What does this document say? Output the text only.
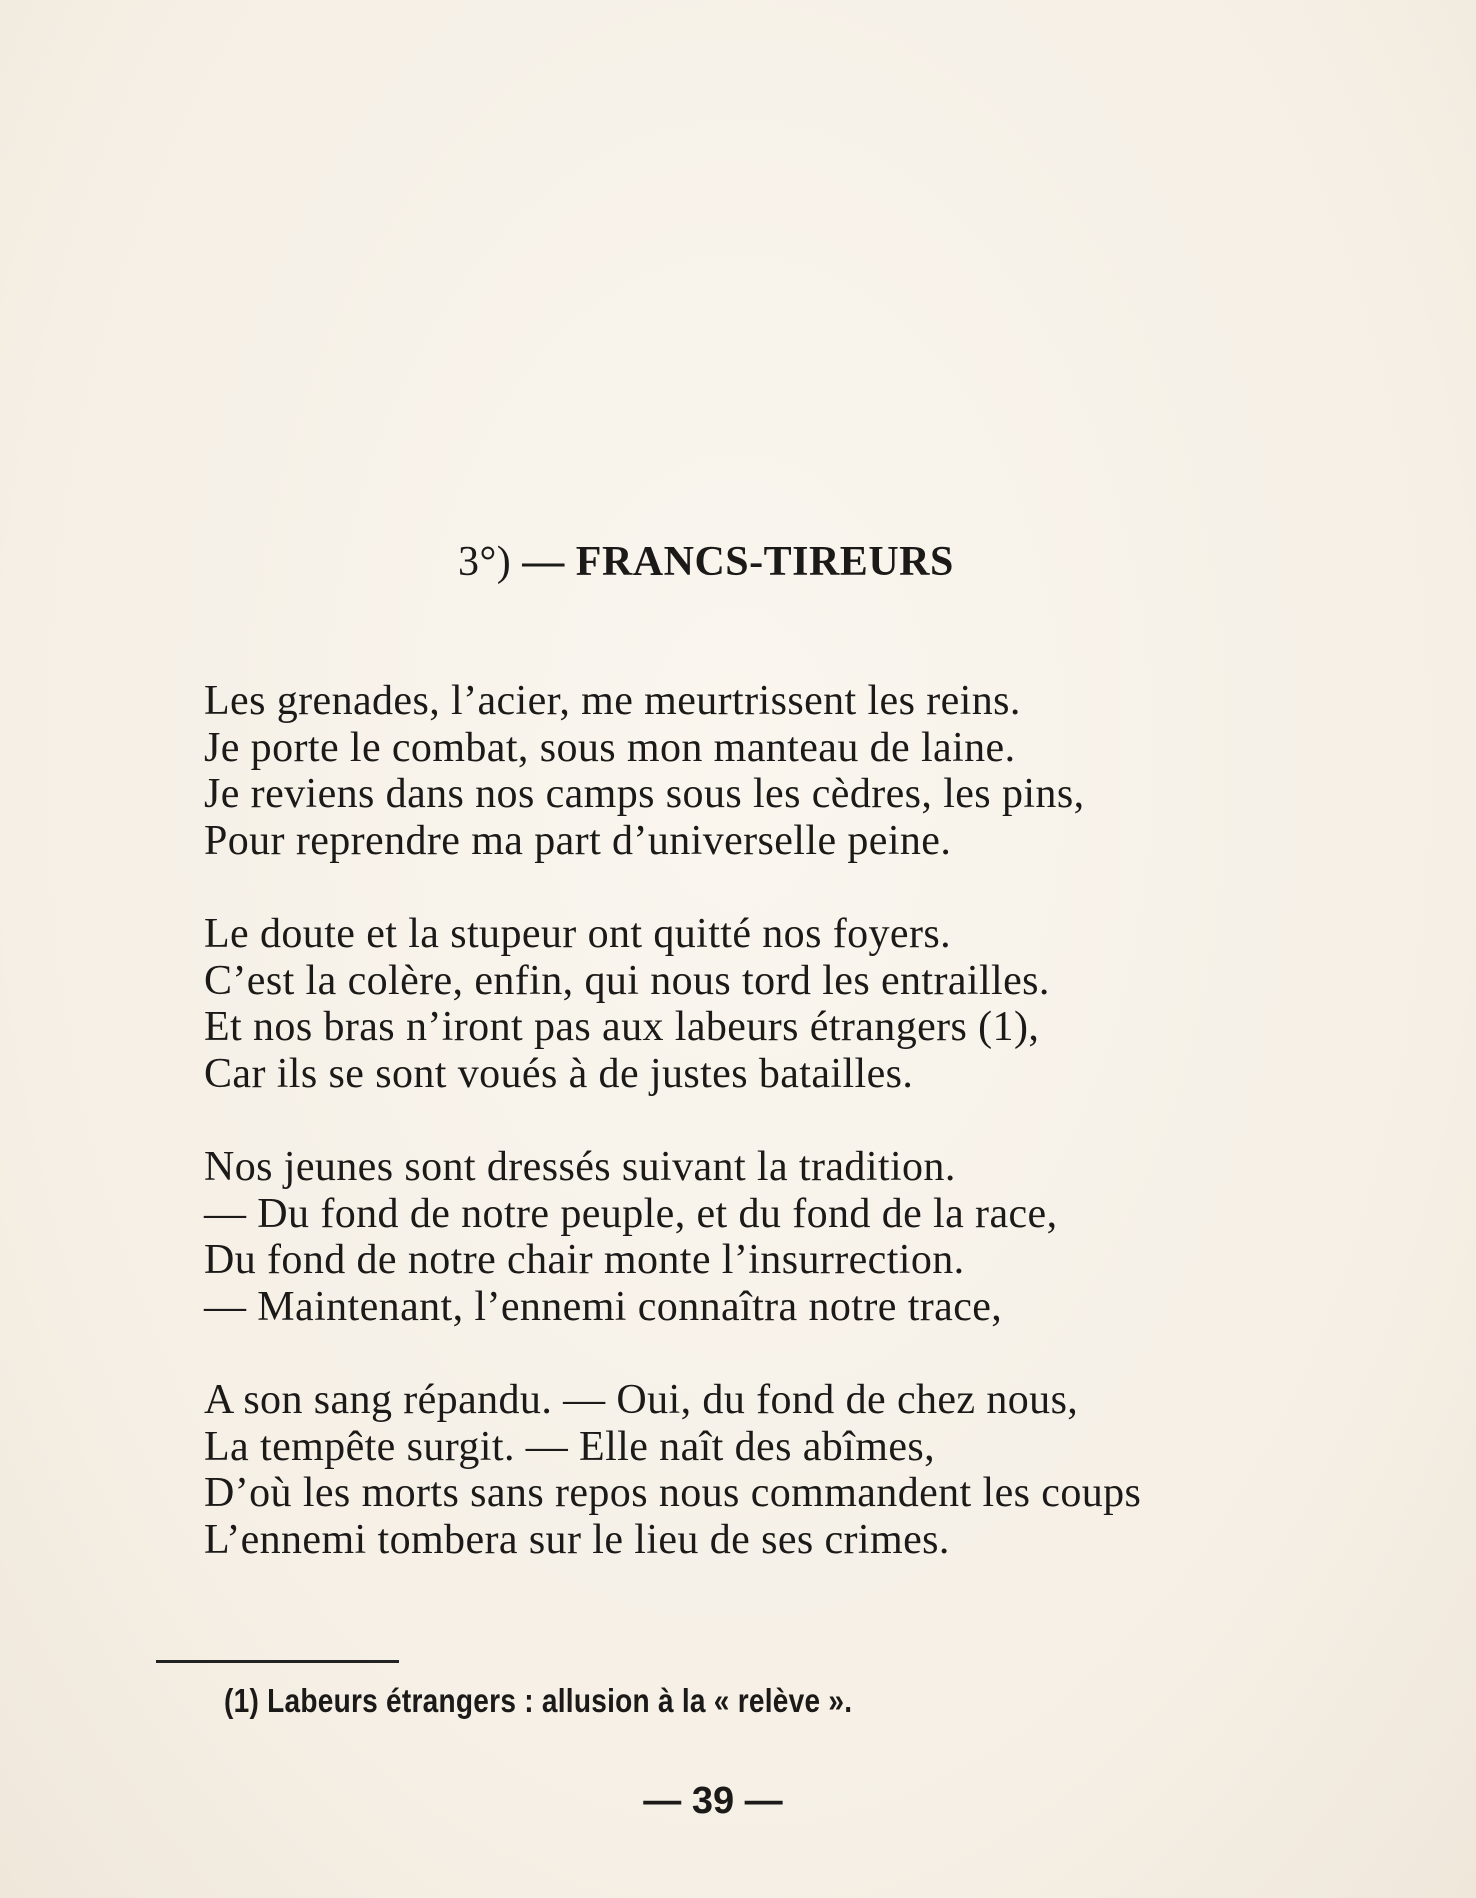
3°) — FRANCS-TIREURS
Les grenades, l’acier, me meurtrissent les reins.
Je porte le combat, sous mon manteau de laine.
Je reviens dans nos camps sous les cèdres, les pins,
Pour reprendre ma part d’universelle peine.
Le doute et la stupeur ont quitté nos foyers.
C’est la colère, enfin, qui nous tord les entrailles.
Et nos bras n’iront pas aux labeurs étrangers (1),
Car ils se sont voués à de justes batailles.
Nos jeunes sont dressés suivant la tradition.
— Du fond de notre peuple, et du fond de la race,
Du fond de notre chair monte l’insurrection.
— Maintenant, l’ennemi connaîtra notre trace,
A son sang répandu. — Oui, du fond de chez nous,
La tempête surgit. — Elle naît des abîmes,
D’où les morts sans repos nous commandent les coups
L’ennemi tombera sur le lieu de ses crimes.
(1) Labeurs étrangers : allusion à la « relève ».
— 39 —
